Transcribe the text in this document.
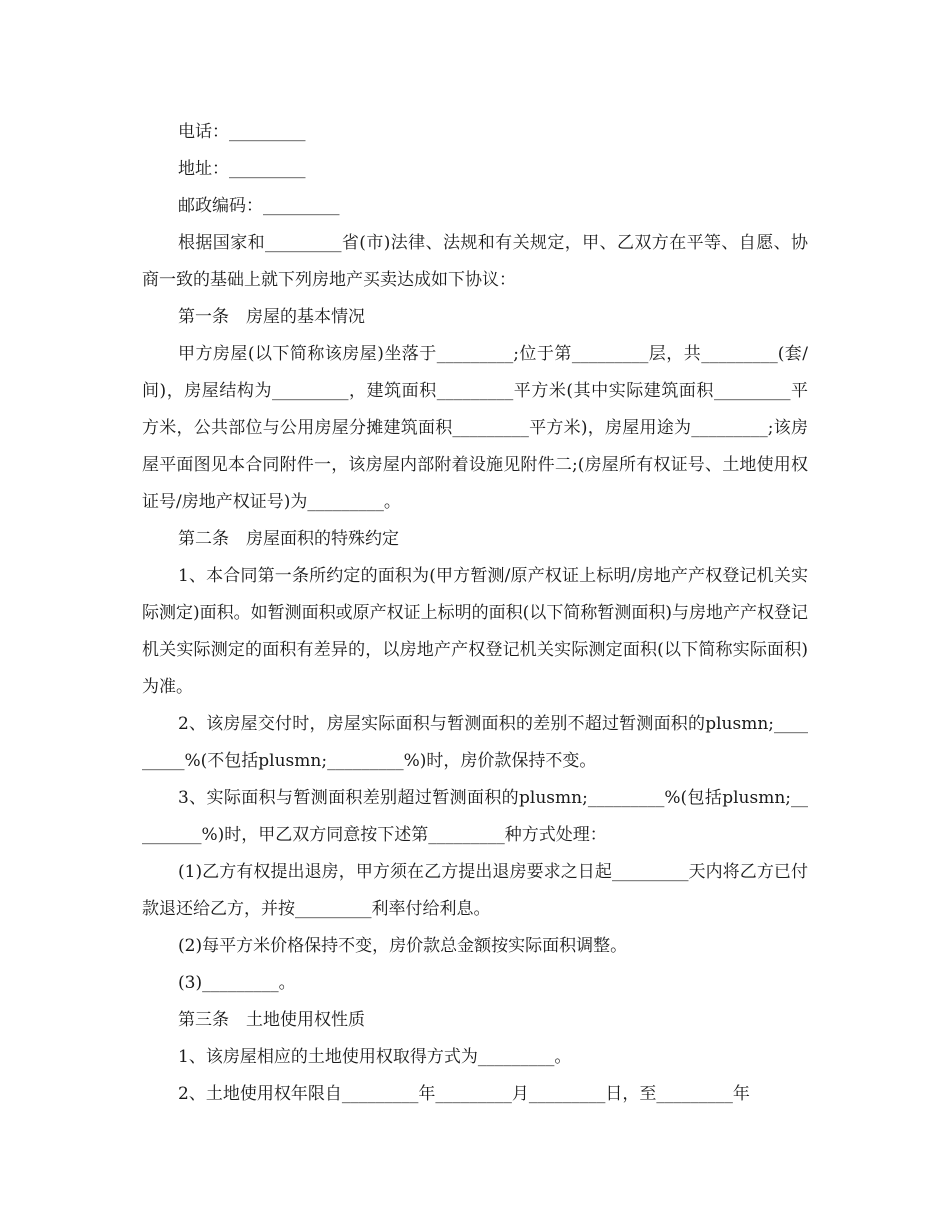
电话：_________

地址：_________

邮政编码：_________

根据国家和_________省(市)法律、法规和有关规定，甲、乙双方在平等、自愿、协商一致的基础上就下列房地产买卖达成如下协议：

第一条　房屋的基本情况

甲方房屋(以下简称该房屋)坐落于_________;位于第_________层，共_________(套/间)，房屋结构为_________，建筑面积_________平方米(其中实际建筑面积_________平方米，公共部位与公用房屋分摊建筑面积_________平方米)，房屋用途为_________;该房屋平面图见本合同附件一，该房屋内部附着设施见附件二;(房屋所有权证号、土地使用权证号/房地产权证号)为_________。

第二条　房屋面积的特殊约定

1、本合同第一条所约定的面积为(甲方暂测/原产权证上标明/房地产产权登记机关实际测定)面积。如暂测面积或原产权证上标明的面积(以下简称暂测面积)与房地产产权登记机关实际测定的面积有差异的，以房地产产权登记机关实际测定面积(以下简称实际面积)为准。

2、该房屋交付时，房屋实际面积与暂测面积的差别不超过暂测面积的plusmn;_________%(不包括plusmn;_________%)时，房价款保持不变。

3、实际面积与暂测面积差别超过暂测面积的plusmn;_________%(包括plusmn;_________%)时，甲乙双方同意按下述第_________种方式处理：

(1)乙方有权提出退房，甲方须在乙方提出退房要求之日起_________天内将乙方已付款退还给乙方，并按_________利率付给利息。

(2)每平方米价格保持不变，房价款总金额按实际面积调整。

(3)_________。

第三条　土地使用权性质

1、该房屋相应的土地使用权取得方式为_________。

2、土地使用权年限自_________年_________月_________日，至_________年
